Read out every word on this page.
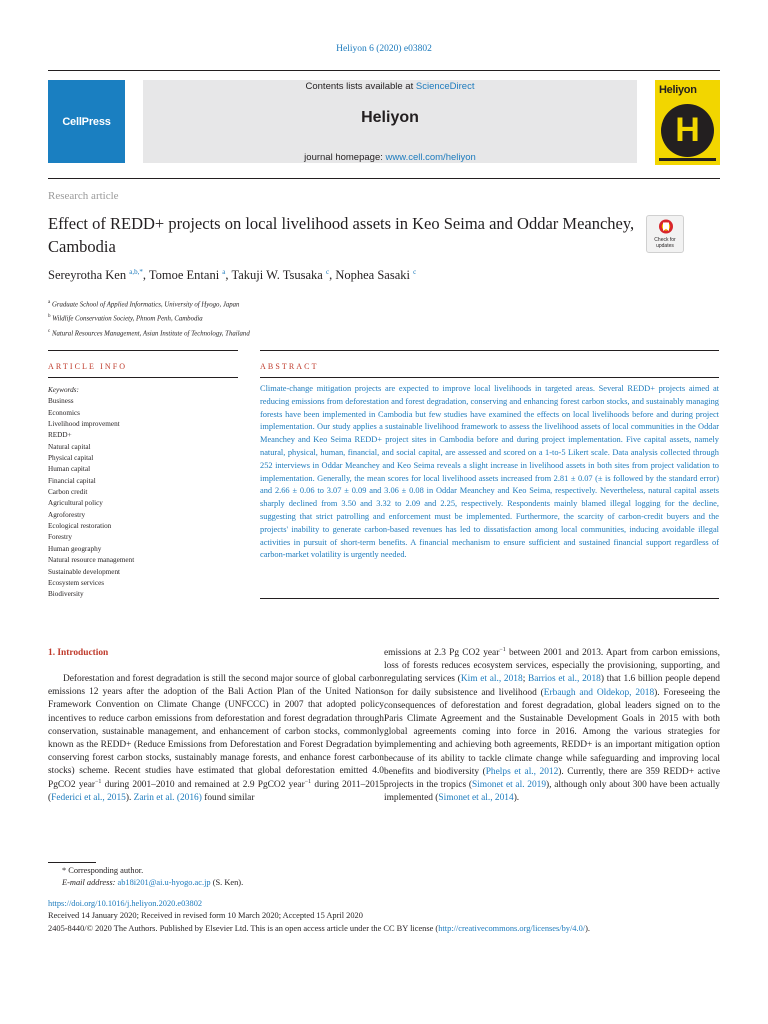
Heliyon 6 (2020) e03802
CellPress
Contents lists available at ScienceDirect
Heliyon
journal homepage: www.cell.com/heliyon
Heliyon
H
Research article
Effect of REDD+ projects on local livelihood assets in Keo Seima and Oddar Meanchey, Cambodia	Check for
updates
Sereyrotha Ken $^{a,b,*}$, Tomoe Entani $^a$, Takuji W. Tsusaka $^c$, Nophea Sasaki $^c$
$^a$ Graduate School of Applied Informatics, University of Hyogo, Japan
$^b$ Wildlife Conservation Society, Phnom Penh, Cambodia
$^c$ Natural Resources Management, Asian Institute of Technology, Thailand
ARTICLE INFO	ABSTRACT
Keywords:
Business
Economics
Livelihood improvement
REDD+
Natural capital
Physical capital
Human capital
Financial capital
Carbon credit
Agricultural policy
Agroforestry
Ecological restoration
Forestry
Human geography
Natural resource management
Sustainable development
Ecosystem services
Biodiversity
Climate-change mitigation projects are expected to improve local livelihoods in targeted areas. Several REDD+ projects aimed at reducing emissions from deforestation and forest degradation, conserving and enhancing forest carbon stocks, and sustainably managing forests have been implemented in Cambodia but few studies have examined the effects on local livelihoods before and during project implementation. Our study applies a sustainable livelihood framework to assess the livelihood assets of local communities in the Oddar Meanchey and Keo Seima REDD+ project sites in Cambodia before and during project implementation. Five capital assets, namely natural, physical, human, financial, and social capital, are assessed and scored on a 1-to-5 Likert scale. Data analysis collected through 252 interviews in Oddar Meanchey and Keo Seima reveals a slight increase in livelihood assets in both sites from project validation to implementation. Generally, the mean scores for local livelihood assets increased from 2.81 ± 0.07 (± is followed by the standard error) and 2.66 ± 0.06 to 3.07 ± 0.09 and 3.06 ± 0.08 in Oddar Meanchey and Keo Seima, respectively. Nevertheless, natural capital assets sharply declined from 3.50 and 3.32 to 2.09 and 2.25, respectively. Respondents mainly blamed illegal logging for the decline, suggesting that strict patrolling and enforcement must be implemented. Furthermore, the scarcity of carbon-credit buyers and the projects' inability to generate carbon-based revenues has led to dissatisfaction among local communities, inducing avoidable illegal activities in pursuit of short-term benefits. A financial mechanism to ensure sufficient and sustained financial support regardless of carbon-market volatility is urgently needed.
1. Introduction

Deforestation and forest degradation is still the second major source of global carbon emissions 12 years after the adoption of the Bali Action Plan of the United Nations Framework Convention on Climate Change (UNFCCC) in 2007 that adopted policy incentives to reduce carbon emissions from deforestation and forest degradation through conservation, sustainable management, and enhancement of carbon stocks, commonly known as the REDD+ (Reduce Emissions from Deforestation and Forest Degradation by conserving forest carbon stocks, sustainably manage forests, and enhance forest carbon stocks) scheme. Recent studies have estimated that global deforestation emitted 4.0 PgCO2 year$^{-1}$ during 2001–2010 and remained at 2.9 PgCO2 year$^{-1}$ during 2011–2015 (Federici et al., 2015). Zarin et al. (2016) found similar

emissions at 2.3 Pg CO2 year$^{-1}$ between 2001 and 2013. Apart from carbon emissions, loss of forests reduces ecosystem services, especially the provisioning, supporting, and regulating services (Kim et al., 2018; Barrios et al., 2018) that 1.6 billion people depend on for daily subsistence and livelihood (Erbaugh and Oldekop, 2018). Foreseeing the consequences of deforestation and forest degradation, global leaders signed on to the Paris Climate Agreement and the Sustainable Development Goals in 2015 with both global agreements coming into force in 2016. Among the various strategies for implementing and achieving both agreements, REDD+ is an important mitigation option because of its ability to tackle climate change while safeguarding and improving local benefits and biodiversity (Phelps et al., 2012). Currently, there are 359 REDD+ active projects in the tropics (Simonet et al. 2019), although only about 300 have been actually implemented (Simonet et al., 2014).

* Corresponding author.
E-mail address: ab18i201@ai.u-hyogo.ac.jp (S. Ken).
https://doi.org/10.1016/j.heliyon.2020.e03802
Received 14 January 2020; Received in revised form 10 March 2020; Accepted 15 April 2020
2405-8440/© 2020 The Authors. Published by Elsevier Ltd. This is an open access article under the CC BY license (http://creativecommons.org/licenses/by/4.0/).
